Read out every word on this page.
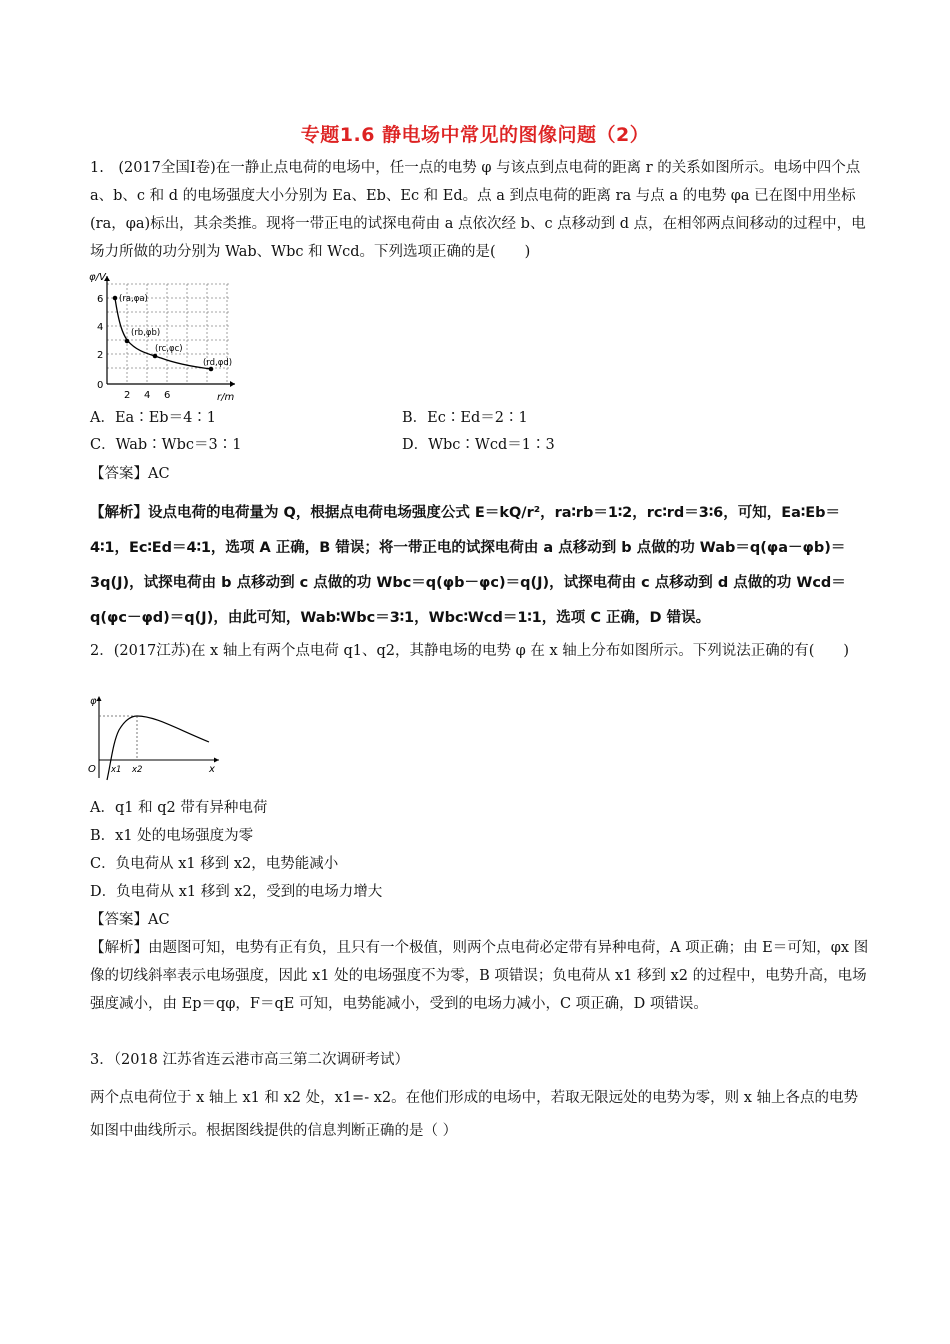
专题1.6 静电场中常见的图像问题（2）
1.　(2017全国Ⅰ卷)在一静止点电荷的电场中，任一点的电势 φ 与该点到点电荷的距离 r 的关系如图所示。电场中四个点 a、b、c 和 d 的电场强度大小分别为 Ea、Eb、Ec 和 Ed。点 a 到点电荷的距离 ra 与点 a 的电势 φa 已在图中用坐标(ra，φa)标出，其余类推。现将一带正电的试探电荷由 a 点依次经 b、c 点移动到 d 点，在相邻两点间移动的过程中，电场力所做的功分别为 Wab、Wbc 和 Wcd。下列选项正确的是(　　)
(ra,φa)
(rb,φb)
(rc,φc)
(rd,φd)
φ/V
r/m
6
4
2
0
2 4 6
A．Ea∶Eb＝4∶1	B．Ec∶Ed＝2∶1
C．Wab∶Wbc＝3∶1	D．Wbc∶Wcd＝1∶3
【答案】AC
【解析】设点电荷的电荷量为 Q，根据点电荷电场强度公式 E＝kQ/r²，ra∶rb＝1∶2，rc∶rd＝3∶6，可知，Ea∶Eb＝4∶1，Ec∶Ed＝4∶1，选项 A 正确，B 错误；将一带正电的试探电荷由 a 点移动到 b 点做的功 Wab＝q(φa－φb)＝3q(J)，试探电荷由 b 点移动到 c 点做的功 Wbc＝q(φb－φc)＝q(J)，试探电荷由 c 点移动到 d 点做的功 Wcd＝q(φc－φd)＝q(J)，由此可知，Wab∶Wbc＝3∶1，Wbc∶Wcd＝1∶1，选项 C 正确，D 错误。
2．(2017江苏)在 x 轴上有两个点电荷 q1、q2，其静电场的电势 φ 在 x 轴上分布如图所示。下列说法正确的有(　　)
φ
x
O x1 x2
A．q1 和 q2 带有异种电荷
B．x1 处的电场强度为零
C．负电荷从 x1 移到 x2，电势能减小
D．负电荷从 x1 移到 x2，受到的电场力增大
【答案】AC
【解析】由题图可知，电势有正有负，且只有一个极值，则两个点电荷必定带有异种电荷，A 项正确；由 E＝可知，φx 图像的切线斜率表示电场强度，因此 x1 处的电场强度不为零，B 项错误；负电荷从 x1 移到 x2 的过程中，电势升高，电场强度减小，由 Ep＝qφ，F＝qE 可知，电势能减小，受到的电场力减小，C 项正确，D 项错误。
3．（2018 江苏省连云港市高三第二次调研考试）
两个点电荷位于 x 轴上 x1 和 x2 处，x1=- x2。在他们形成的电场中，若取无限远处的电势为零，则 x 轴上各点的电势如图中曲线所示。根据图线提供的信息判断正确的是（ ）
